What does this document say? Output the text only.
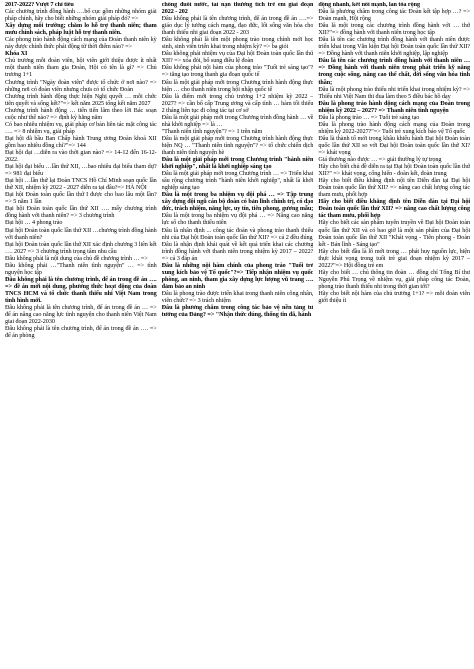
2017-2022? Vượt 7 chỉ tiêu

Các chương trình đồng hành ….bổ cục gồm những nhóm giải pháp chính, hãy cho biết những nhóm giải pháp đó? =>

Xây dựng môi trường; chăm lo hỗ trợ thanh niên; tham mưu chính sách, pháp luật hỗ trợ thanh niên.

Các phong trào hành động cách mạng của Đoàn thanh niên kỳ này được chính thức phát động từ thời điểm nào? =>

Khóa XI

Chủ trương mỗi đoàn viên, hội viên giới thiệu được ít nhất một thanh niên tham gia Đoàn, Hội có tên là gì? => Chủ trương 1+1

Chương trình "Ngày đoàn viên" được tổ chức ở nơi nào? => những nơi có đoàn viên nhưng chưa có tổ chức Đoàn

Chương trình hành động thực hiện Nghị quyết … mỗi chức tiên quyết và sống kết?"=> kết năm 2025 tổng kết năm 2027

Chương trình hành động … tiến tiến lâm theo lời Bác soạn cuộc như thế nào? => định kỳ hằng năm

Có bao nhiêu nhiệm vụ, giải pháp cơ bản liên tác mặt công tác …. => 8 nhiệm vụ, giải pháp

Đại hội đã bầu Ban Chấp hành Trung ương Đoàn khoá XII gồm bao nhiêu đồng chí?"=> 144

Đại hội đại …diễn ra vào thời gian nào? => 14-12 đến 16-12-2022.

Đại hội đại biểu …lần thứ XII, …bao nhiêu đại biểu tham dự? => 981 đại biểu

Đại hội …lần thứ lại Đoàn TNCS Hồ Chí Minh soạn quốc lần thứ XII, nhiệm kỳ 2022 - 2027 diễn ra tại đâu?=> HÀ NỘI

Đại hội Đoàn toàn quốc lần thứ I được cho bao lâu một lần? => 5 năm 1 lần

Đại hội Đoàn toàn quốc lần thứ XII …. mấy chương trình đồng hành với thanh niên? => 3 chương trình

Đại hội … 4 phong trào

Đại hội Đoàn toàn quốc lần thứ XII …chương trình đồng hành với thanh niên?

Đại hội Đoàn toàn quốc lần thứ XII xác định chương 3 liên kết …. 2027 => 3 chương trình trọng tâm nhu cầu

Đâu không phải là nội dung của chủ đề chương trình … =>

Đâu không phải …"Thanh niên tình nguyện" … => tình nguyện học tập

Đâu không phải là tên chương trình, để án trong đề án …. => đề án mới nội dung, phương thức hoạt động của đoàn TNCS HCM và tổ chức thanh thiếu nhi Việt Nam trong tình hình mới.

Đâu không phải là tên chương trình, để án trong đề án … => để án nâng cao năng lực tình nguyện cho thanh niên Việt Nam giai đoạn 2022-2030

Đâu không phải là tên chương trình, để án trong đề án …. => để án phòng

chống đuối nước, tai nạn thương tích trẻ em giai đoạn 2022 - 202

Đâu không phải là tên chương trình, để án trong đề án ….=> giáo dục lý tưởng cách mạng, đạo đức, lối sống văn hóa cho thanh thiếu nhi giai đoạn 2022 - 203

Đâu không phải là tên một phong trào trong chính mới học sinh, sinh viên triển khai trong nhiệm kỳ? => ba giỏi

Đâu không phải nhiệm vụ của Đại hội Đoàn toàn quốc lần thứ XII? => xóa đói, bổ sung điều lệ đoàn

Đâu không phải nội hàm của phong trào "Tuổi trẻ sáng tạo"? => tăng tạo trong thanh gia đoạn quốc tế

Đâu là một giải pháp mới trong Chương trình hành động thực hiện … cho thanh niên trong hội nhập quốc tế

Đâu là điểm mới trong chủ trương 1+2 nhiệm kỳ 2022 – 2027? => cần bổ cấp Trung ương và cấp tỉnh … hàm tối thiểu 2 tháng liên tục đi công tác tại cơ sở

Đâu là một giải pháp mới trong Chương trình đồng hành … về nhà khởi nghiệp => là …

"Thanh niên tình nguyện"? => 1 trên năm

Đâu là một giải pháp mới trong Chương trình hành động thực hiện NQ … "Thanh niên tình nguyện"? => tổ chức chiến dịch thanh niên tình nguyện hè

Đâu là một giải pháp mới trong Chương trình "hành niên khởi nghiệp", nhất là khởi nghiệp sáng tạo

Đâu là một giải pháp mới trong Chương trình … => Triển khai sâu rộng chương trình "hành niên khởi nghiệp", nhất là khởi nghiệp sáng tạo

Đâu là một trong ba nhiệm vụ đội phá … => Tập trung xây dựng đội ngũ cán bộ đoàn có bản lĩnh chính trị, có đạo đức, trách nhiệm, năng lực, uy tín, tiên phong, gương mẫu;

Đâu là một trong ba nhiệm vụ đội phá … => Nâng cao năng lực số cho thanh thiếu niên

Đâu là nhân định ... công tác đoàn và phong trào thanh thiếu nhi của Đại hội Đoàn toàn quốc lần thứ XII? => cả 2 đều đúng

Đâu là nhận định khái quát về kết quả triển khai các chương trình đồng hành với thanh niên trong nhiệm kỳ 2017 – 2022? => cả 3 đáp án

Đâu là những nội hàm chính của phong trào "Tuổi trẻ xung kích bảo vệ Tổ quốc"?=> Tiếp nhận nhiệm vụ quốc phòng, an ninh, tham gia xây dựng lực lượng vũ trang …. đảm bảo an ninh

Đâu là phong trào được triển khai trong thanh niên công nhân, viên chức? => 3 trách nhiệm

Đâu là phương châm trong công tác bảo vệ nền tảng tư tưởng của Đảng? => "Nhận thức đúng, thống tin đã, hành

động nhanh, kết nối mạnh, lan tỏa rộng

Đâu là phương châm trong công tác Đoàn kết tập hợp …? => Đoàn mạnh, Hội rộng

Đâu là một trong các chương trình đồng hành với … thứ XII?"=> đồng hành với thanh niên trong học tập

Đâu là tên các chương trình đồng hành với thanh niên được triển khai trong Văn kiện Đại hội Đoàn toàn quốc lần thứ XII? => Đồng hành với thanh niên khởi nghiệp, lập nghiệp

Đâu là tên các chương trình đồng hành với thanh niên … => Đồng hành với thanh niên trong phát triển kỹ năng trong cuộc sống, nâng cao thể chất, đời sống văn hóa tinh thần;

Đâu là một phong trào thiếu nhi triển khai trong nhiệm kỳ? => Thiếu nhi Việt Nam thi đua làm theo 5 điều bác hồ dạy

Đâu là phong trào hành động cách mạng của Đoàn trong nhiệm kỳ 2022 – 2027? => Thanh niên tình nguyện

Đâu là phong trào … => Tuổi trẻ sáng tạo

Đâu là phong trào hành động cách mạng của Đoàn trong nhiệm kỳ 2022-2027?"=> Tuổi trẻ xung kích bảo vệ Tổ quốc

Đâu là thành tố mới trong khâu khiếu hành Đại hội Đoàn toàn quốc lần thứ XII so với Đại hội Đoàn toàn quốc lần thứ XI? => khát vọng

Giá thương nào được … => giải thưởng lý tự trọng

Hãy cho biết chủ đề diễn ra tại Đại hội Đoàn toàn quốc lần thứ XII?" => khát vọng, cống hiến - đoàn kết, đoàn trung

Hãy cho biết điều khẳng định nội tên Diễn đàn tại Đại hội Đoàn toàn quốc lần thứ XII? => nâng cao chất lượng công tác tham mưu, phối hợp

Hãy cho biết điều khẳng định tên Diễn đàn tại Đại hội Đoàn toàn quốc lần thứ XII? => nâng cao chất lượng công tác tham mưu, phối hợp

Hãy cho biết các sản phẩm tuyên truyền về Đại hội Đoàn toàn quốc lần thứ XII và có bao giờ là một sản phẩm của Đại hội Đoàn toàn quốc lần thứ XII "Khát vọng - Tiên phong - Đoàn kết - Bản lĩnh - Sáng tạo"

Hãy cho biết đầu là lô mới trong … phát huy nguồn lực, hiện thực khát vọng trong tuổi trẻ giai đoạn nhiệm kỳ 2017 – 2022?"=> Hội đồng trẻ em

Hãy cho biết … chủ thông tin đoàn … đồng chí Tổng Bí thư Nguyễn Phú Trọng về nhiệm vụ, giải pháp công tác Đoàn, phong trào thanh thiếu nhi trong thời gian tới?

Hãy cho biết nội hàm của chủ trương 1+1? => mỗi đoàn viên giới thiệu ít
